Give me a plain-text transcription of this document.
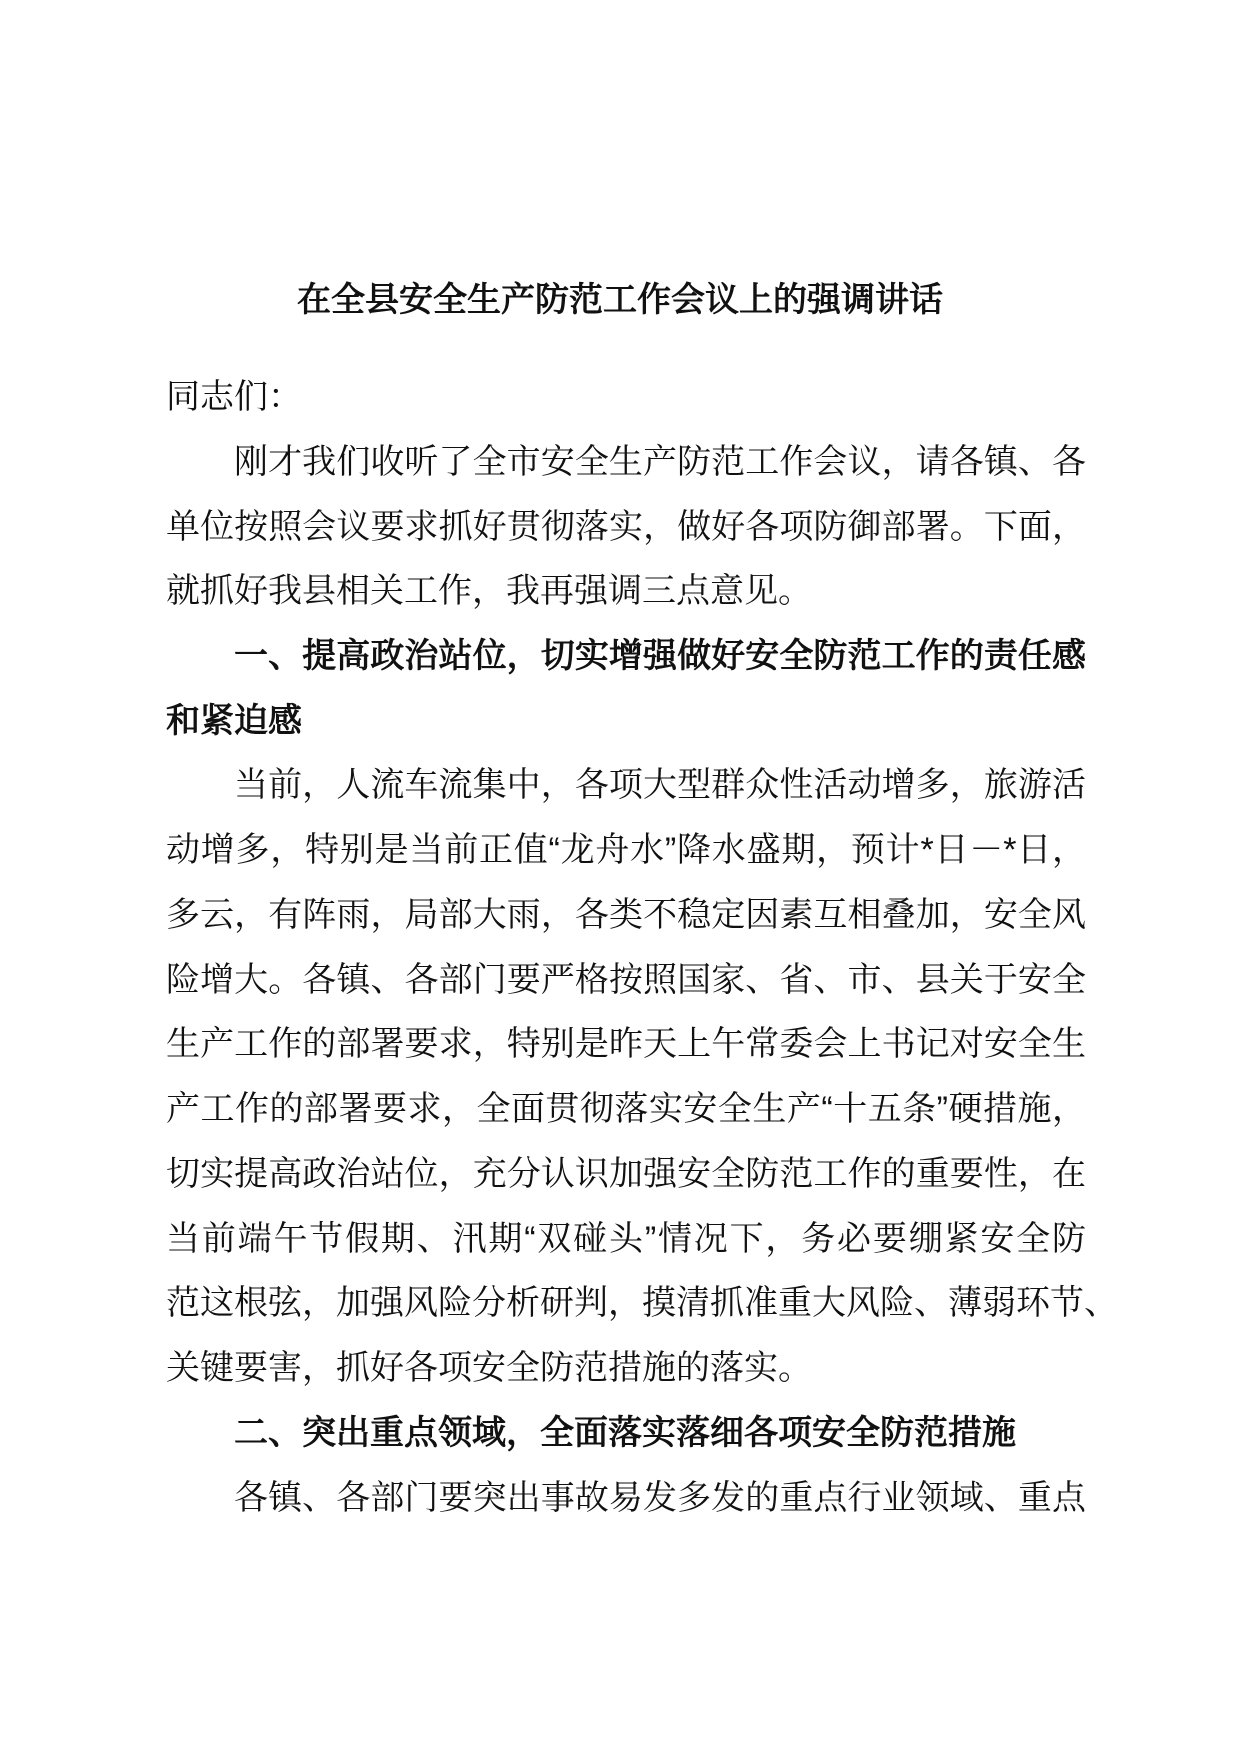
在全县安全生产防范工作会议上的强调讲话
同志们：
刚才我们收听了全市安全生产防范工作会议，请各镇、各
单位按照会议要求抓好贯彻落实，做好各项防御部署。下面，
就抓好我县相关工作，我再强调三点意见。
一、提高政治站位，切实增强做好安全防范工作的责任感
和紧迫感
当前，人流车流集中，各项大型群众性活动增多，旅游活
动增多，特别是当前正值“龙舟水”降水盛期，预计*日－*日，
多云，有阵雨，局部大雨，各类不稳定因素互相叠加，安全风
险增大。各镇、各部门要严格按照国家、省、市、县关于安全
生产工作的部署要求，特别是昨天上午常委会上书记对安全生
产工作的部署要求，全面贯彻落实安全生产“十五条”硬措施，
切实提高政治站位，充分认识加强安全防范工作的重要性，在
当前端午节假期、汛期“双碰头”情况下，务必要绷紧安全防
范这根弦，加强风险分析研判，摸清抓准重大风险、薄弱环节、
关键要害，抓好各项安全防范措施的落实。
二、突出重点领域，全面落实落细各项安全防范措施
各镇、各部门要突出事故易发多发的重点行业领域、重点
